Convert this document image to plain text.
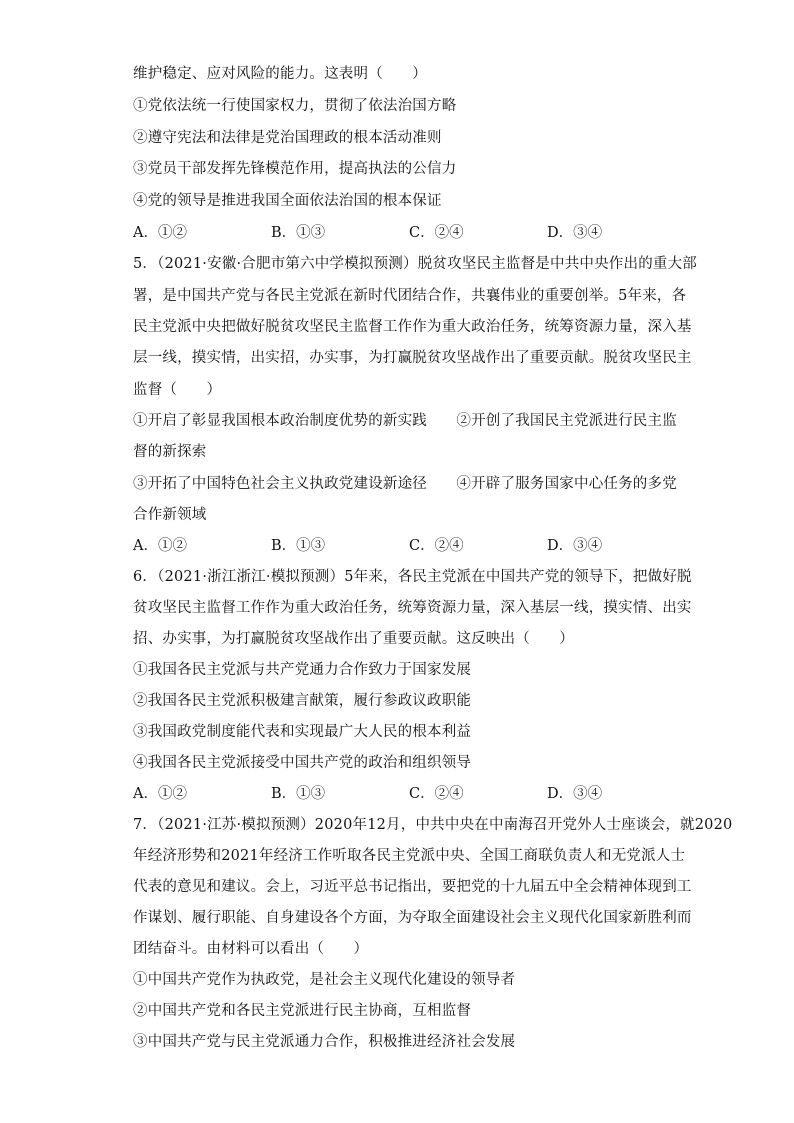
维护稳定、应对风险的能力。这表明（　　）
①党依法统一行使国家权力，贯彻了依法治国方略
②遵守宪法和法律是党治国理政的根本活动准则
③党员干部发挥先锋模范作用，提高执法的公信力
④党的领导是推进我国全面依法治国的根本保证
A．①②	B．①③	C．②④	D．③④
5．（2021·安徽·合肥市第六中学模拟预测）脱贫攻坚民主监督是中共中央作出的重大部
署，是中国共产党与各民主党派在新时代团结合作，共襄伟业的重要创举。5年来，各
民主党派中央把做好脱贫攻坚民主监督工作作为重大政治任务，统筹资源力量，深入基
层一线，摸实情，出实招，办实事，为打赢脱贫攻坚战作出了重要贡献。脱贫攻坚民主
监督（　　）
①开启了彰显我国根本政治制度优势的新实践　　②开创了我国民主党派进行民主监
督的新探索
③开拓了中国特色社会主义执政党建设新途径　　④开辟了服务国家中心任务的多党
合作新领域
A．①②	B．①③	C．②④	D．③④
6．（2021·浙江浙江·模拟预测）5年来，各民主党派在中国共产党的领导下，把做好脱
贫攻坚民主监督工作作为重大政治任务，统筹资源力量，深入基层一线，摸实情、出实
招、办实事，为打赢脱贫攻坚战作出了重要贡献。这反映出（　　）
①我国各民主党派与共产党通力合作致力于国家发展
②我国各民主党派积极建言献策，履行参政议政职能
③我国政党制度能代表和实现最广大人民的根本利益
④我国各民主党派接受中国共产党的政治和组织领导
A．①②	B．①③	C．②④	D．③④
7．（2021·江苏·模拟预测）2020年12月，中共中央在中南海召开党外人士座谈会，就2020
年经济形势和2021年经济工作听取各民主党派中央、全国工商联负责人和无党派人士
代表的意见和建议。会上，习近平总书记指出，要把党的十九届五中全会精神体现到工
作谋划、履行职能、自身建设各个方面，为夺取全面建设社会主义现代化国家新胜利而
团结奋斗。由材料可以看出（　　）
①中国共产党作为执政党，是社会主义现代化建设的领导者
②中国共产党和各民主党派进行民主协商，互相监督
③中国共产党与民主党派通力合作，积极推进经济社会发展
